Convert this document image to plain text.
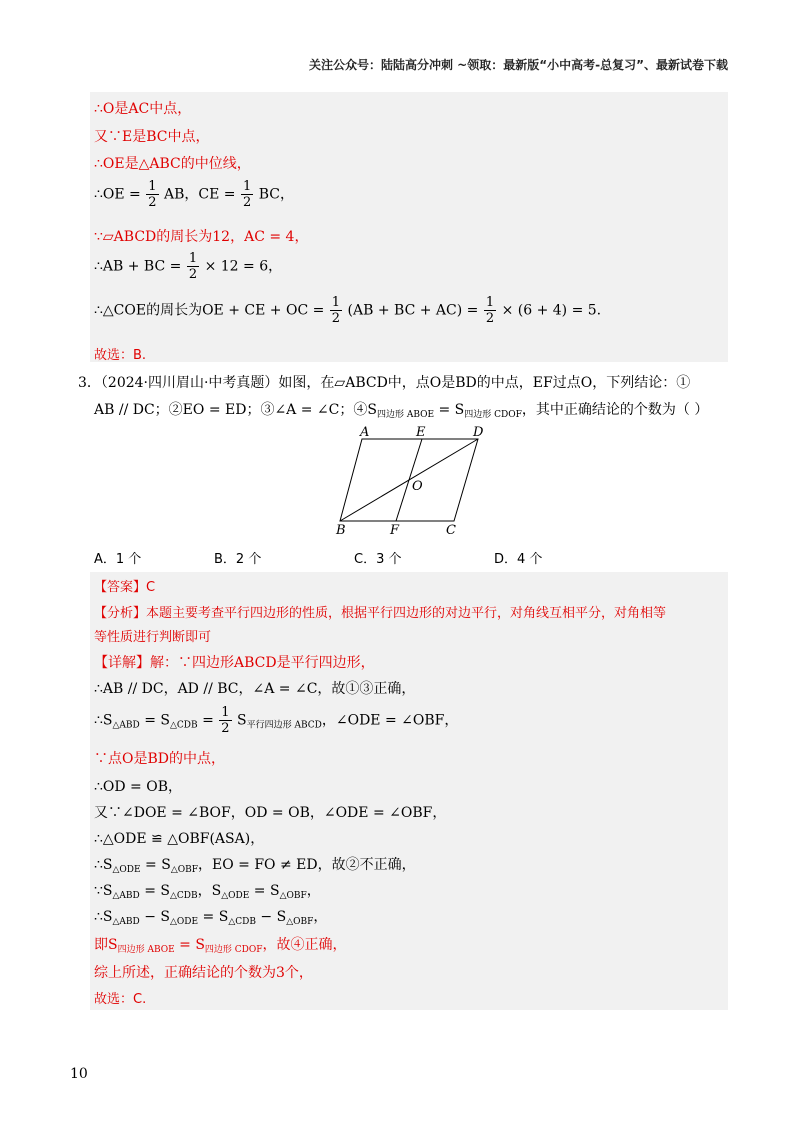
关注公众号：陆陆高分冲刺 ~领取：最新版“小中高考-总复习”、最新试卷下载
∴O是AC中点，
又∵E是BC中点，
∴OE是△ABC的中位线，
∴OE = $\frac{1}{2}$ AB，CE = $\frac{1}{2}$ BC，
∵▱ABCD的周长为12，AC = 4，
∴AB + BC = $\frac{1}{2} \times 12 = 6$，
∴△COE的周长为OE + CE + OC = $\frac{1}{2} (AB$ + BC + $AC) = \frac{1}{2} \times (6 + 4) = 5$.
故选：B.
3．（2024·四川眉山·中考真题）如图，在▱ABCD中，点O是BD的中点，EF过点O，下列结论：①
AB // DC；②EO = ED；③∠A = ∠C；$④S_{四边形 ABOE} = S_{四边形 CDOF}$，其中正确结论的个数为（ ）
A	E	D
O
B	F	C
A．1 个	B．2 个	C．3 个	D．4 个
【答案】C
【分析】本题主要考查平行四边形的性质，根据平行四边形的对边平行，对角线互相平分，对角相等
等性质进行判断即可
【详解】解：∵四边形ABCD是平行四边形，
∴AB // DC，AD // BC，∠A = ∠C，故①③正确，
$\therefore S_{\triangle ABD} = S_{\triangle CDB} = \frac{1}{2} S_{平行四边形 ABCD}$，∠ODE = ∠OBF，
∵点O是BD的中点，
∴OD = OB，
又∵∠DOE = ∠BOF，OD = OB，∠ODE = ∠OBF，
∴△ODE ≌ △OBF(ASA)，
$\therefore S_{\triangle ODE} = S_{\triangle OBF}$，EO = FO ≠ ED，故②不正确，
$\because S_{\triangle ABD} = S_{\triangle CDB}$，$S_{\triangle ODE} = S_{\triangle OBF}$，
$\therefore S_{\triangle ABD} - S_{\triangle ODE} = S_{\triangle CDB} - S_{\triangle OBF}$，
即$S_{四边形 ABOE} = S_{四边形 CDOF}$，故④正确，
综上所述，正确结论的个数为3个，
故选：C.
10
